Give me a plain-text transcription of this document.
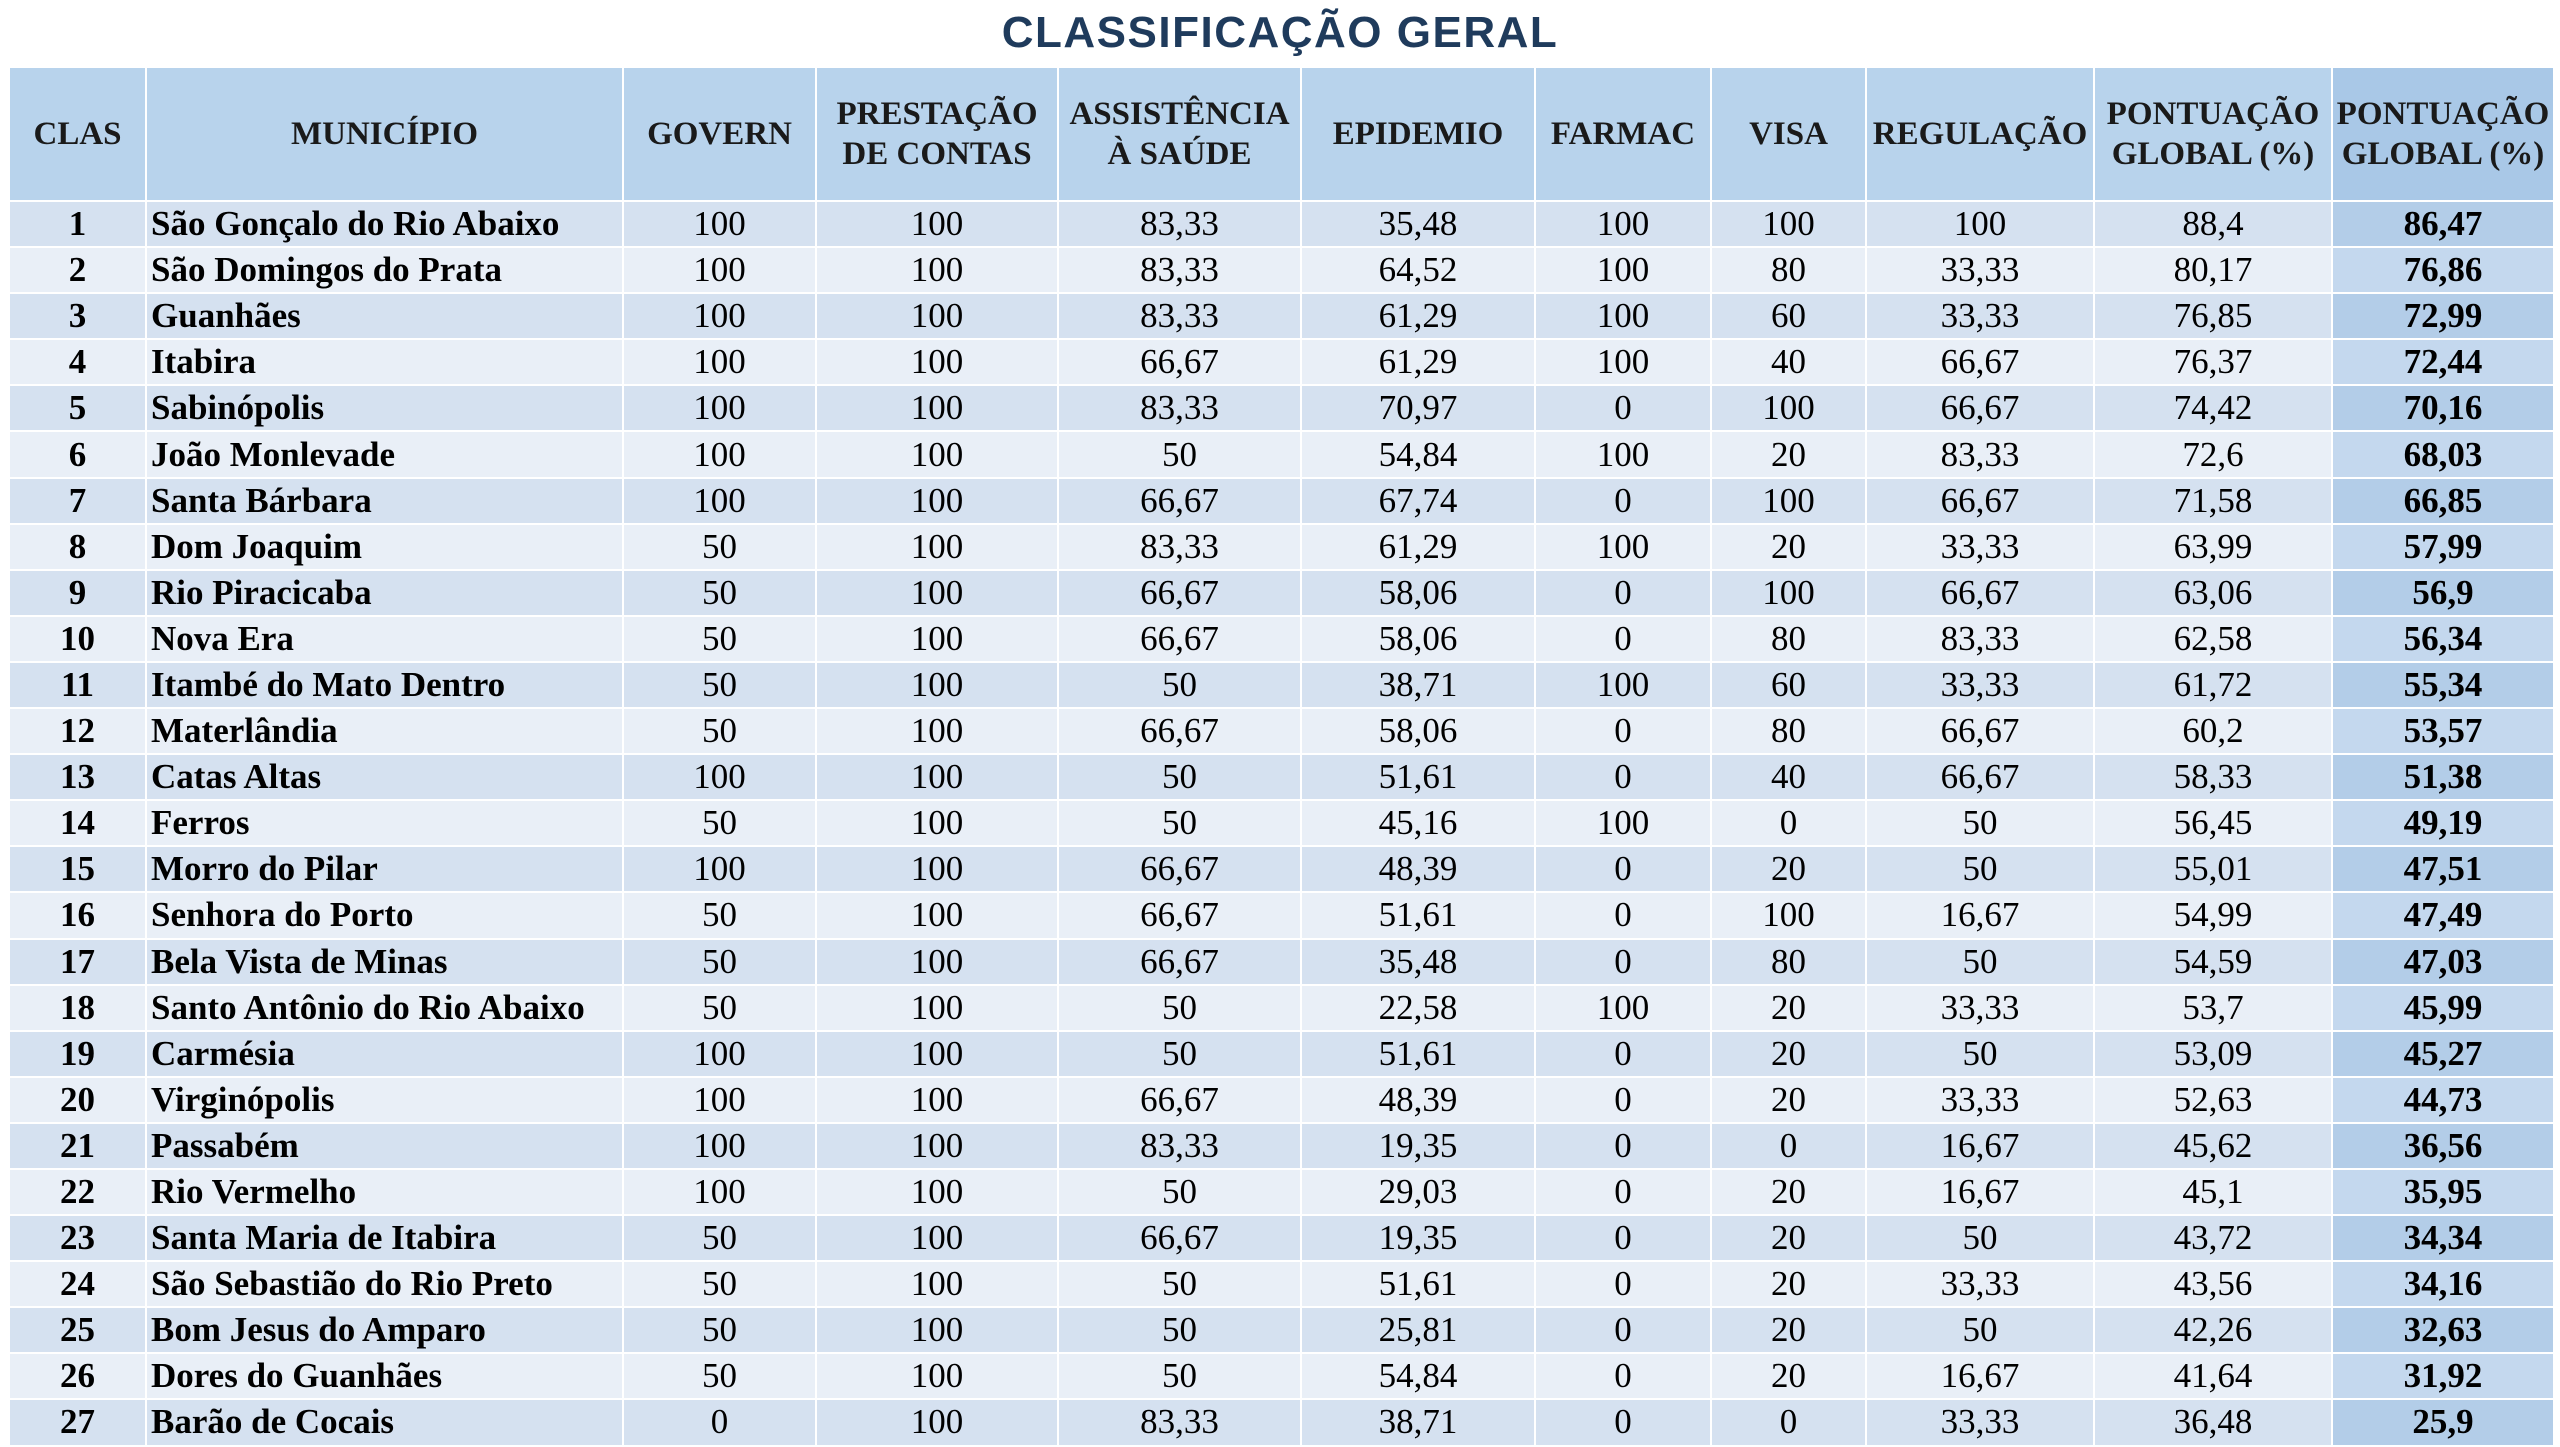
CLASSIFICAÇÃO GERAL
CLAS	MUNICÍPIO	GOVERN	PRESTAÇÃO DE CONTAS	ASSISTÊNCIA À SAÚDE	EPIDEMIO	FARMAC	VISA	REGULAÇÃO	PONTUAÇÃO GLOBAL (%)	PONTUAÇÃO GLOBAL (%)
1	São Gonçalo do Rio Abaixo	100	100	83,33	35,48	100	100	100	88,4	86,47
2	São Domingos do Prata	100	100	83,33	64,52	100	80	33,33	80,17	76,86
3	Guanhães	100	100	83,33	61,29	100	60	33,33	76,85	72,99
4	Itabira	100	100	66,67	61,29	100	40	66,67	76,37	72,44
5	Sabinópolis	100	100	83,33	70,97	0	100	66,67	74,42	70,16
6	João Monlevade	100	100	50	54,84	100	20	83,33	72,6	68,03
7	Santa Bárbara	100	100	66,67	67,74	0	100	66,67	71,58	66,85
8	Dom Joaquim	50	100	83,33	61,29	100	20	33,33	63,99	57,99
9	Rio Piracicaba	50	100	66,67	58,06	0	100	66,67	63,06	56,9
10	Nova Era	50	100	66,67	58,06	0	80	83,33	62,58	56,34
11	Itambé do Mato Dentro	50	100	50	38,71	100	60	33,33	61,72	55,34
12	Materlândia	50	100	66,67	58,06	0	80	66,67	60,2	53,57
13	Catas Altas	100	100	50	51,61	0	40	66,67	58,33	51,38
14	Ferros	50	100	50	45,16	100	0	50	56,45	49,19
15	Morro do Pilar	100	100	66,67	48,39	0	20	50	55,01	47,51
16	Senhora do Porto	50	100	66,67	51,61	0	100	16,67	54,99	47,49
17	Bela Vista de Minas	50	100	66,67	35,48	0	80	50	54,59	47,03
18	Santo Antônio do Rio Abaixo	50	100	50	22,58	100	20	33,33	53,7	45,99
19	Carmésia	100	100	50	51,61	0	20	50	53,09	45,27
20	Virginópolis	100	100	66,67	48,39	0	20	33,33	52,63	44,73
21	Passabém	100	100	83,33	19,35	0	0	16,67	45,62	36,56
22	Rio Vermelho	100	100	50	29,03	0	20	16,67	45,1	35,95
23	Santa Maria de Itabira	50	100	66,67	19,35	0	20	50	43,72	34,34
24	São Sebastião do Rio Preto	50	100	50	51,61	0	20	33,33	43,56	34,16
25	Bom Jesus do Amparo	50	100	50	25,81	0	20	50	42,26	32,63
26	Dores do Guanhães	50	100	50	54,84	0	20	16,67	41,64	31,92
27	Barão de Cocais	0	100	83,33	38,71	0	0	33,33	36,48	25,9
